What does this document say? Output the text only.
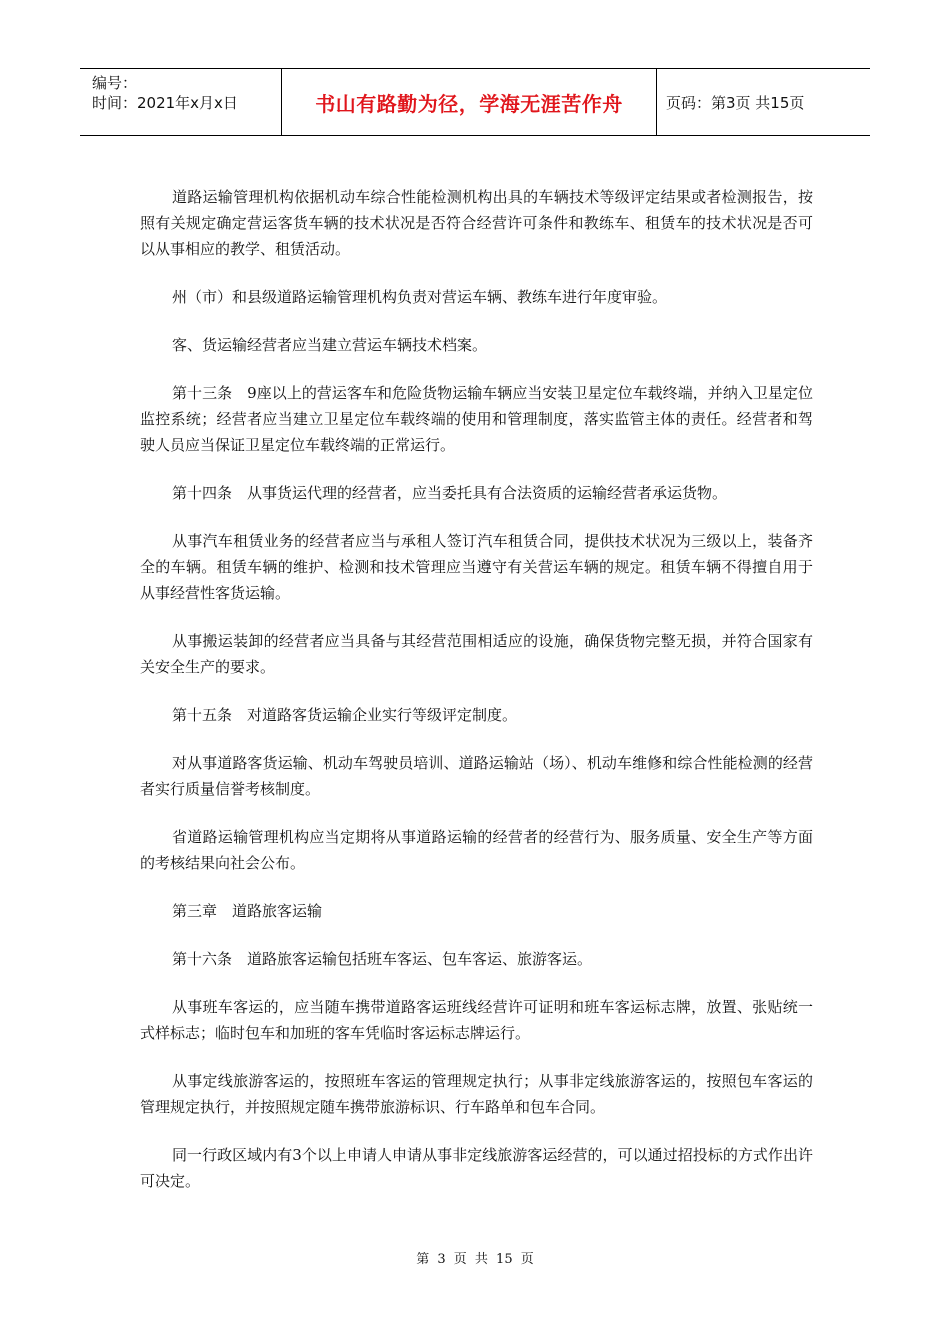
编号：
时间：2021年x月x日	书山有路勤为径，学海无涯苦作舟	页码：第3页 共15页

道路运输管理机构依据机动车综合性能检测机构出具的车辆技术等级评定结果或者检测报告，按照有关规定确定营运客货车辆的技术状况是否符合经营许可条件和教练车、租赁车的技术状况是否可以从事相应的教学、租赁活动。

州（市）和县级道路运输管理机构负责对营运车辆、教练车进行年度审验。

客、货运输经营者应当建立营运车辆技术档案。

第十三条　9座以上的营运客车和危险货物运输车辆应当安装卫星定位车载终端，并纳入卫星定位监控系统；经营者应当建立卫星定位车载终端的使用和管理制度，落实监管主体的责任。经营者和驾驶人员应当保证卫星定位车载终端的正常运行。

第十四条　从事货运代理的经营者，应当委托具有合法资质的运输经营者承运货物。

从事汽车租赁业务的经营者应当与承租人签订汽车租赁合同，提供技术状况为三级以上，装备齐全的车辆。租赁车辆的维护、检测和技术管理应当遵守有关营运车辆的规定。租赁车辆不得擅自用于从事经营性客货运输。

从事搬运装卸的经营者应当具备与其经营范围相适应的设施，确保货物完整无损，并符合国家有关安全生产的要求。

第十五条　对道路客货运输企业实行等级评定制度。

对从事道路客货运输、机动车驾驶员培训、道路运输站（场）、机动车维修和综合性能检测的经营者实行质量信誉考核制度。

省道路运输管理机构应当定期将从事道路运输的经营者的经营行为、服务质量、安全生产等方面的考核结果向社会公布。

第三章　道路旅客运输

第十六条　道路旅客运输包括班车客运、包车客运、旅游客运。

从事班车客运的，应当随车携带道路客运班线经营许可证明和班车客运标志牌，放置、张贴统一式样标志；临时包车和加班的客车凭临时客运标志牌运行。

从事定线旅游客运的，按照班车客运的管理规定执行；从事非定线旅游客运的，按照包车客运的管理规定执行，并按照规定随车携带旅游标识、行车路单和包车合同。

同一行政区域内有3个以上申请人申请从事非定线旅游客运经营的，可以通过招投标的方式作出许可决定。

第 3 页 共 15 页
